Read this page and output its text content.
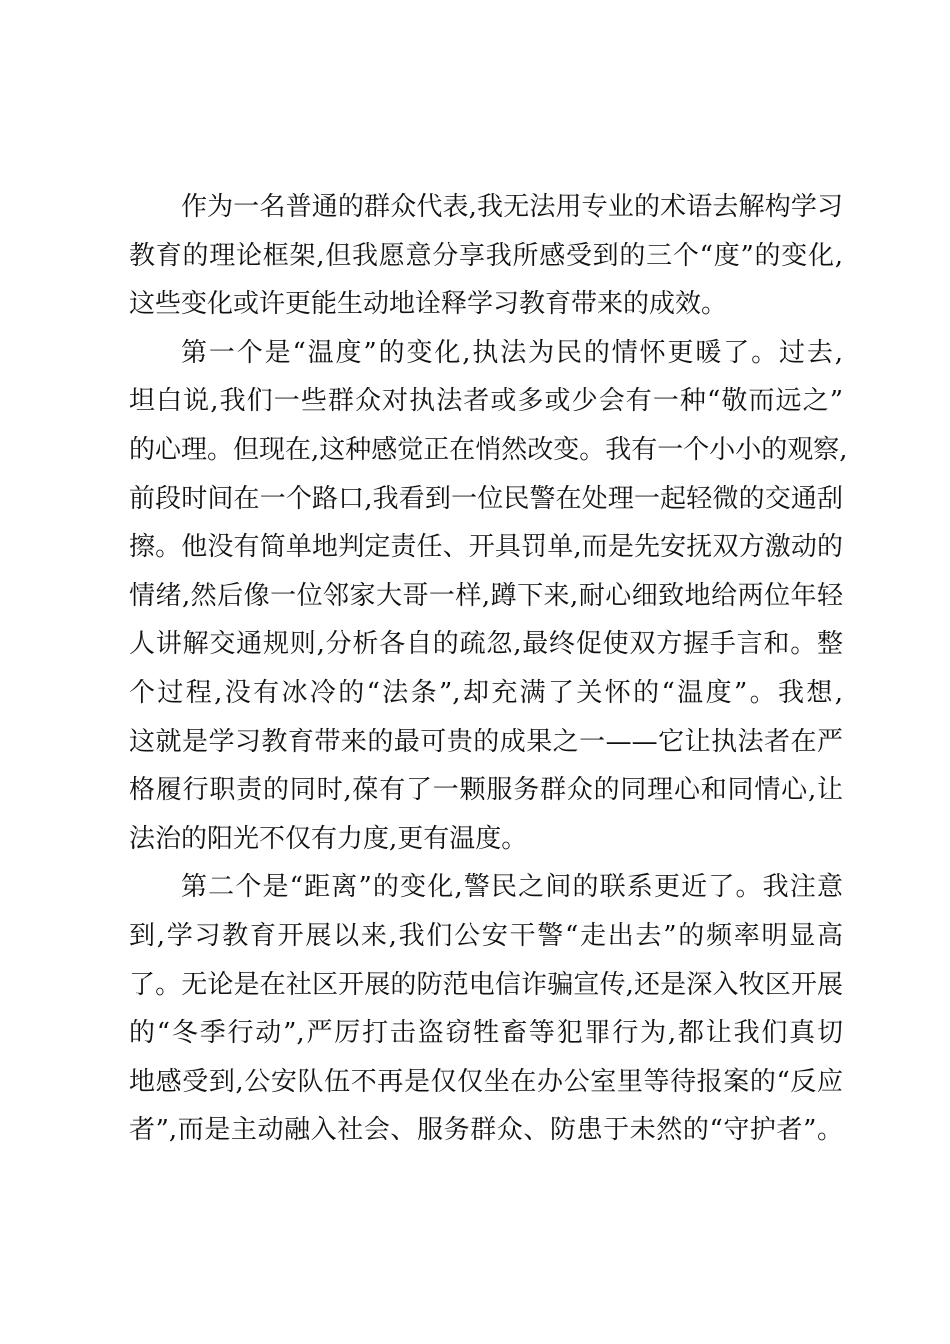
作为一名普通的群众代表,我无法用专业的术语去解构学习
教育的理论框架,但我愿意分享我所感受到的三个“度”的变化,
这些变化或许更能生动地诠释学习教育带来的成效。
第一个是“温度”的变化,执法为民的情怀更暖了。过去,
坦白说,我们一些群众对执法者或多或少会有一种“敬而远之”
的心理。但现在,这种感觉正在悄然改变。我有一个小小的观察,
前段时间在一个路口,我看到一位民警在处理一起轻微的交通刮
擦。他没有简单地判定责任、开具罚单,而是先安抚双方激动的
情绪,然后像一位邻家大哥一样,蹲下来,耐心细致地给两位年轻
人讲解交通规则,分析各自的疏忽,最终促使双方握手言和。整
个过程,没有冰冷的“法条”,却充满了关怀的“温度”。我想,
这就是学习教育带来的最可贵的成果之一——它让执法者在严
格履行职责的同时,葆有了一颗服务群众的同理心和同情心,让
法治的阳光不仅有力度,更有温度。
第二个是“距离”的变化,警民之间的联系更近了。我注意
到,学习教育开展以来,我们公安干警“走出去”的频率明显高
了。无论是在社区开展的防范电信诈骗宣传,还是深入牧区开展
的“冬季行动”,严厉打击盗窃牲畜等犯罪行为,都让我们真切
地感受到,公安队伍不再是仅仅坐在办公室里等待报案的“反应
者”,而是主动融入社会、服务群众、防患于未然的“守护者”。
